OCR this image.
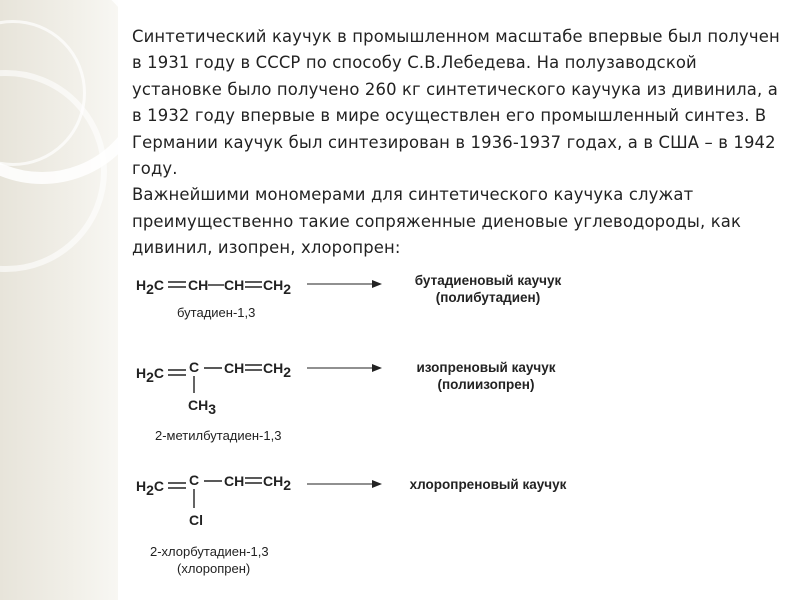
Синтетический каучук в промышленном масштабе впервые был получен в 1931 году в СССР по способу С.В.Лебедева. На полузаводской установке было получено 260 кг синтетического каучука из дивинила, а в 1932 году впервые в мире осуществлен его промышленный синтез. В Германии каучук был синтезирован в 1936-1937 годах, а в США – в 1942 году.

Важнейшими мономерами для синтетического каучука служат преимущественно такие сопряженные диеновые углеводороды, как дивинил, изопрен, хлоропрен:

H2C CH CH CH2
H2C C CH CH2
CH3
H2C C CH CH2
Cl
бутадиен-1,3
2-метилбутадиен-1,3
2-хлорбутадиен-1,3
(хлоропрен)
бутадиеновый каучук
(полибутадиен)
изопреновый каучук
(полиизопрен)
хлоропреновый каучук
